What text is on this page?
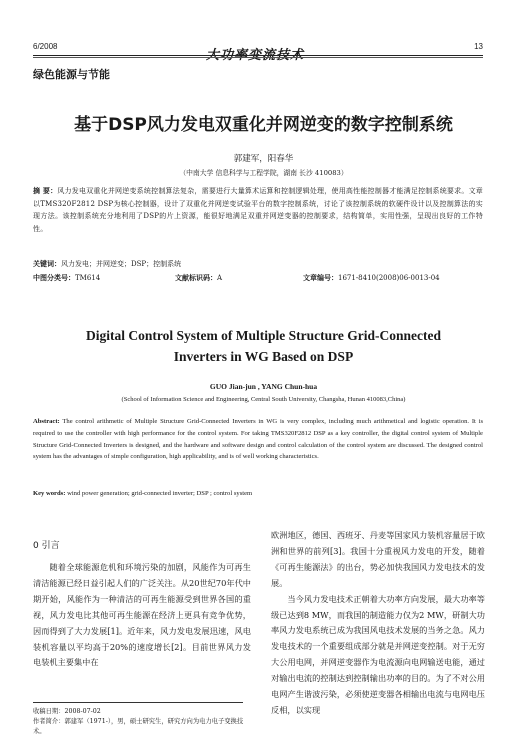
6/2008
大功率变流技术
13
绿色能源与节能
基于DSP风力发电双重化并网逆变的数字控制系统
郭建军，阳春华
（中南大学 信息科学与工程学院，湖南 长沙 410083）
摘 要：风力发电双重化并网逆变系统控制算法复杂，需要进行大量算术运算和控制逻辑处理，使用高性能控制器才能满足控制系统要求。文章以TMS320F2812 DSP为核心控制器，设计了双重化并网逆变试验平台的数字控制系统，讨论了该控制系统的软硬件设计以及控制算法的实现方法。该控制系统充分地利用了DSP的片上资源，能很好地满足双重并网逆变器的控制要求，结构简单，实用性强，呈现出良好的工作特性。
关键词：风力发电；并网逆变；DSP；控制系统
中图分类号：TM614	文献标识码：A	文章编号：1671-8410(2008)06-0013-04
Digital Control System of Multiple Structure Grid-Connected
Inverters in WG Based on DSP
GUO Jian-jun , YANG Chun-hua
(School of Information Science and Engineering, Central South University, Changsha, Hunan 410083,China)
Abstract: The control arithmetic of Multiple Structure Grid-Connected Inverters in WG is very complex, including much arithmetical and logistic operation. It is required to use the controller with high performance for the control system. For taking TMS320F2812 DSP as a key controller, the digital control system of Multiple Structure Grid-Connected Inverters is designed, and the hardware and software design and control calculation of the control system are discussed. The designed control system has the advantages of simple configuration, high applicability, and is of well working characteristics.
Key words: wind power generation; grid-connected inverter; DSP ; control system
0 引言

随着全球能源危机和环境污染的加剧，风能作为可再生清洁能源已经日益引起人们的广泛关注。从20世纪70年代中期开始，风能作为一种清洁的可再生能源受到世界各国的重视，风力发电比其他可再生能源在经济上更具有竞争优势，因而得到了大力发展[1]。近年来，风力发电发展迅速，风电装机容量以平均高于20%的速度增长[2]。目前世界风力发电装机主要集中在

欧洲地区，德国、西班牙、丹麦等国家风力装机容量居于欧洲和世界的前列[3]。我国十分重视风力发电的开发，随着《可再生能源法》的出台，势必加快我国风力发电技术的发展。

当今风力发电技术正朝着大功率方向发展，最大功率等级已达到8 MW，而我国的制造能力仅为2 MW，研制大功率风力发电系统已成为我国风电技术发展的当务之急。风力发电技术的一个重要组成部分就是并网逆变控制。对于无穷大公用电网，并网逆变器作为电流源向电网输送电能，通过对输出电流的控制达到控制输出功率的目的。为了不对公用电网产生谐波污染，必须使逆变器各相输出电流与电网电压反相，以实现

收稿日期：2008-07-02
作者简介：郭建军（1971-），男，硕士研究生，研究方向为电力电子变换技术。
